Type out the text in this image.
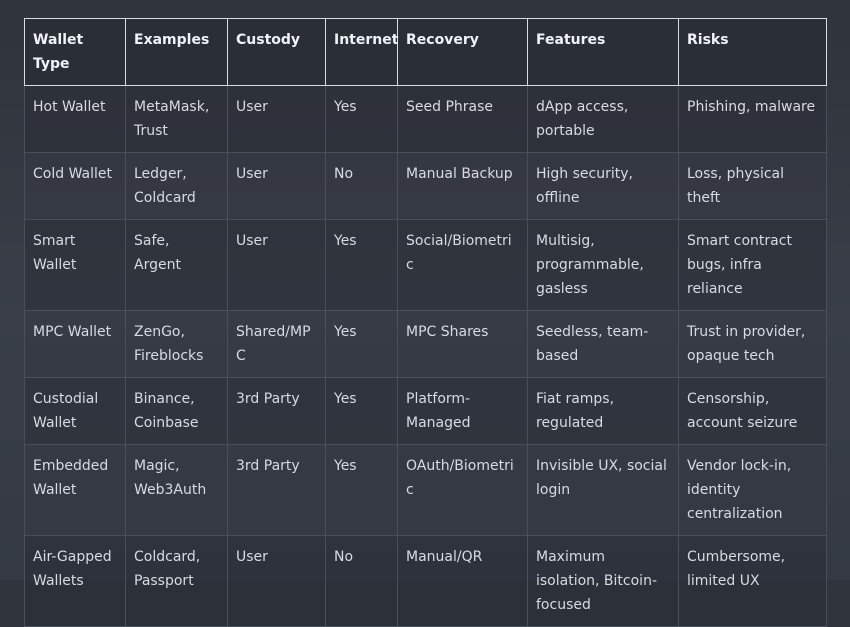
Wallet Type	Examples	Custody	Internet	Recovery	Features	Risks
Hot Wallet	MetaMask, Trust	User	Yes	Seed Phrase	dApp access, portable	Phishing, malware
Cold Wallet	Ledger, Coldcard	User	No	Manual Backup	High security, offline	Loss, physical theft
Smart Wallet	Safe, Argent	User	Yes	Social/Biometric	Multisig, programmable, gasless	Smart contract bugs, infra reliance
MPC Wallet	ZenGo, Fireblocks	Shared/MPC	Yes	MPC Shares	Seedless, team-based	Trust in provider, opaque tech
Custodial Wallet	Binance, Coinbase	3rd Party	Yes	Platform-Managed	Fiat ramps, regulated	Censorship, account seizure
Embedded Wallet	Magic, Web3Auth	3rd Party	Yes	OAuth/Biometric	Invisible UX, social login	Vendor lock-in, identity centralization
Air-Gapped Wallets	Coldcard, Passport	User	No	Manual/QR	Maximum isolation, Bitcoin-focused	Cumbersome, limited UX
